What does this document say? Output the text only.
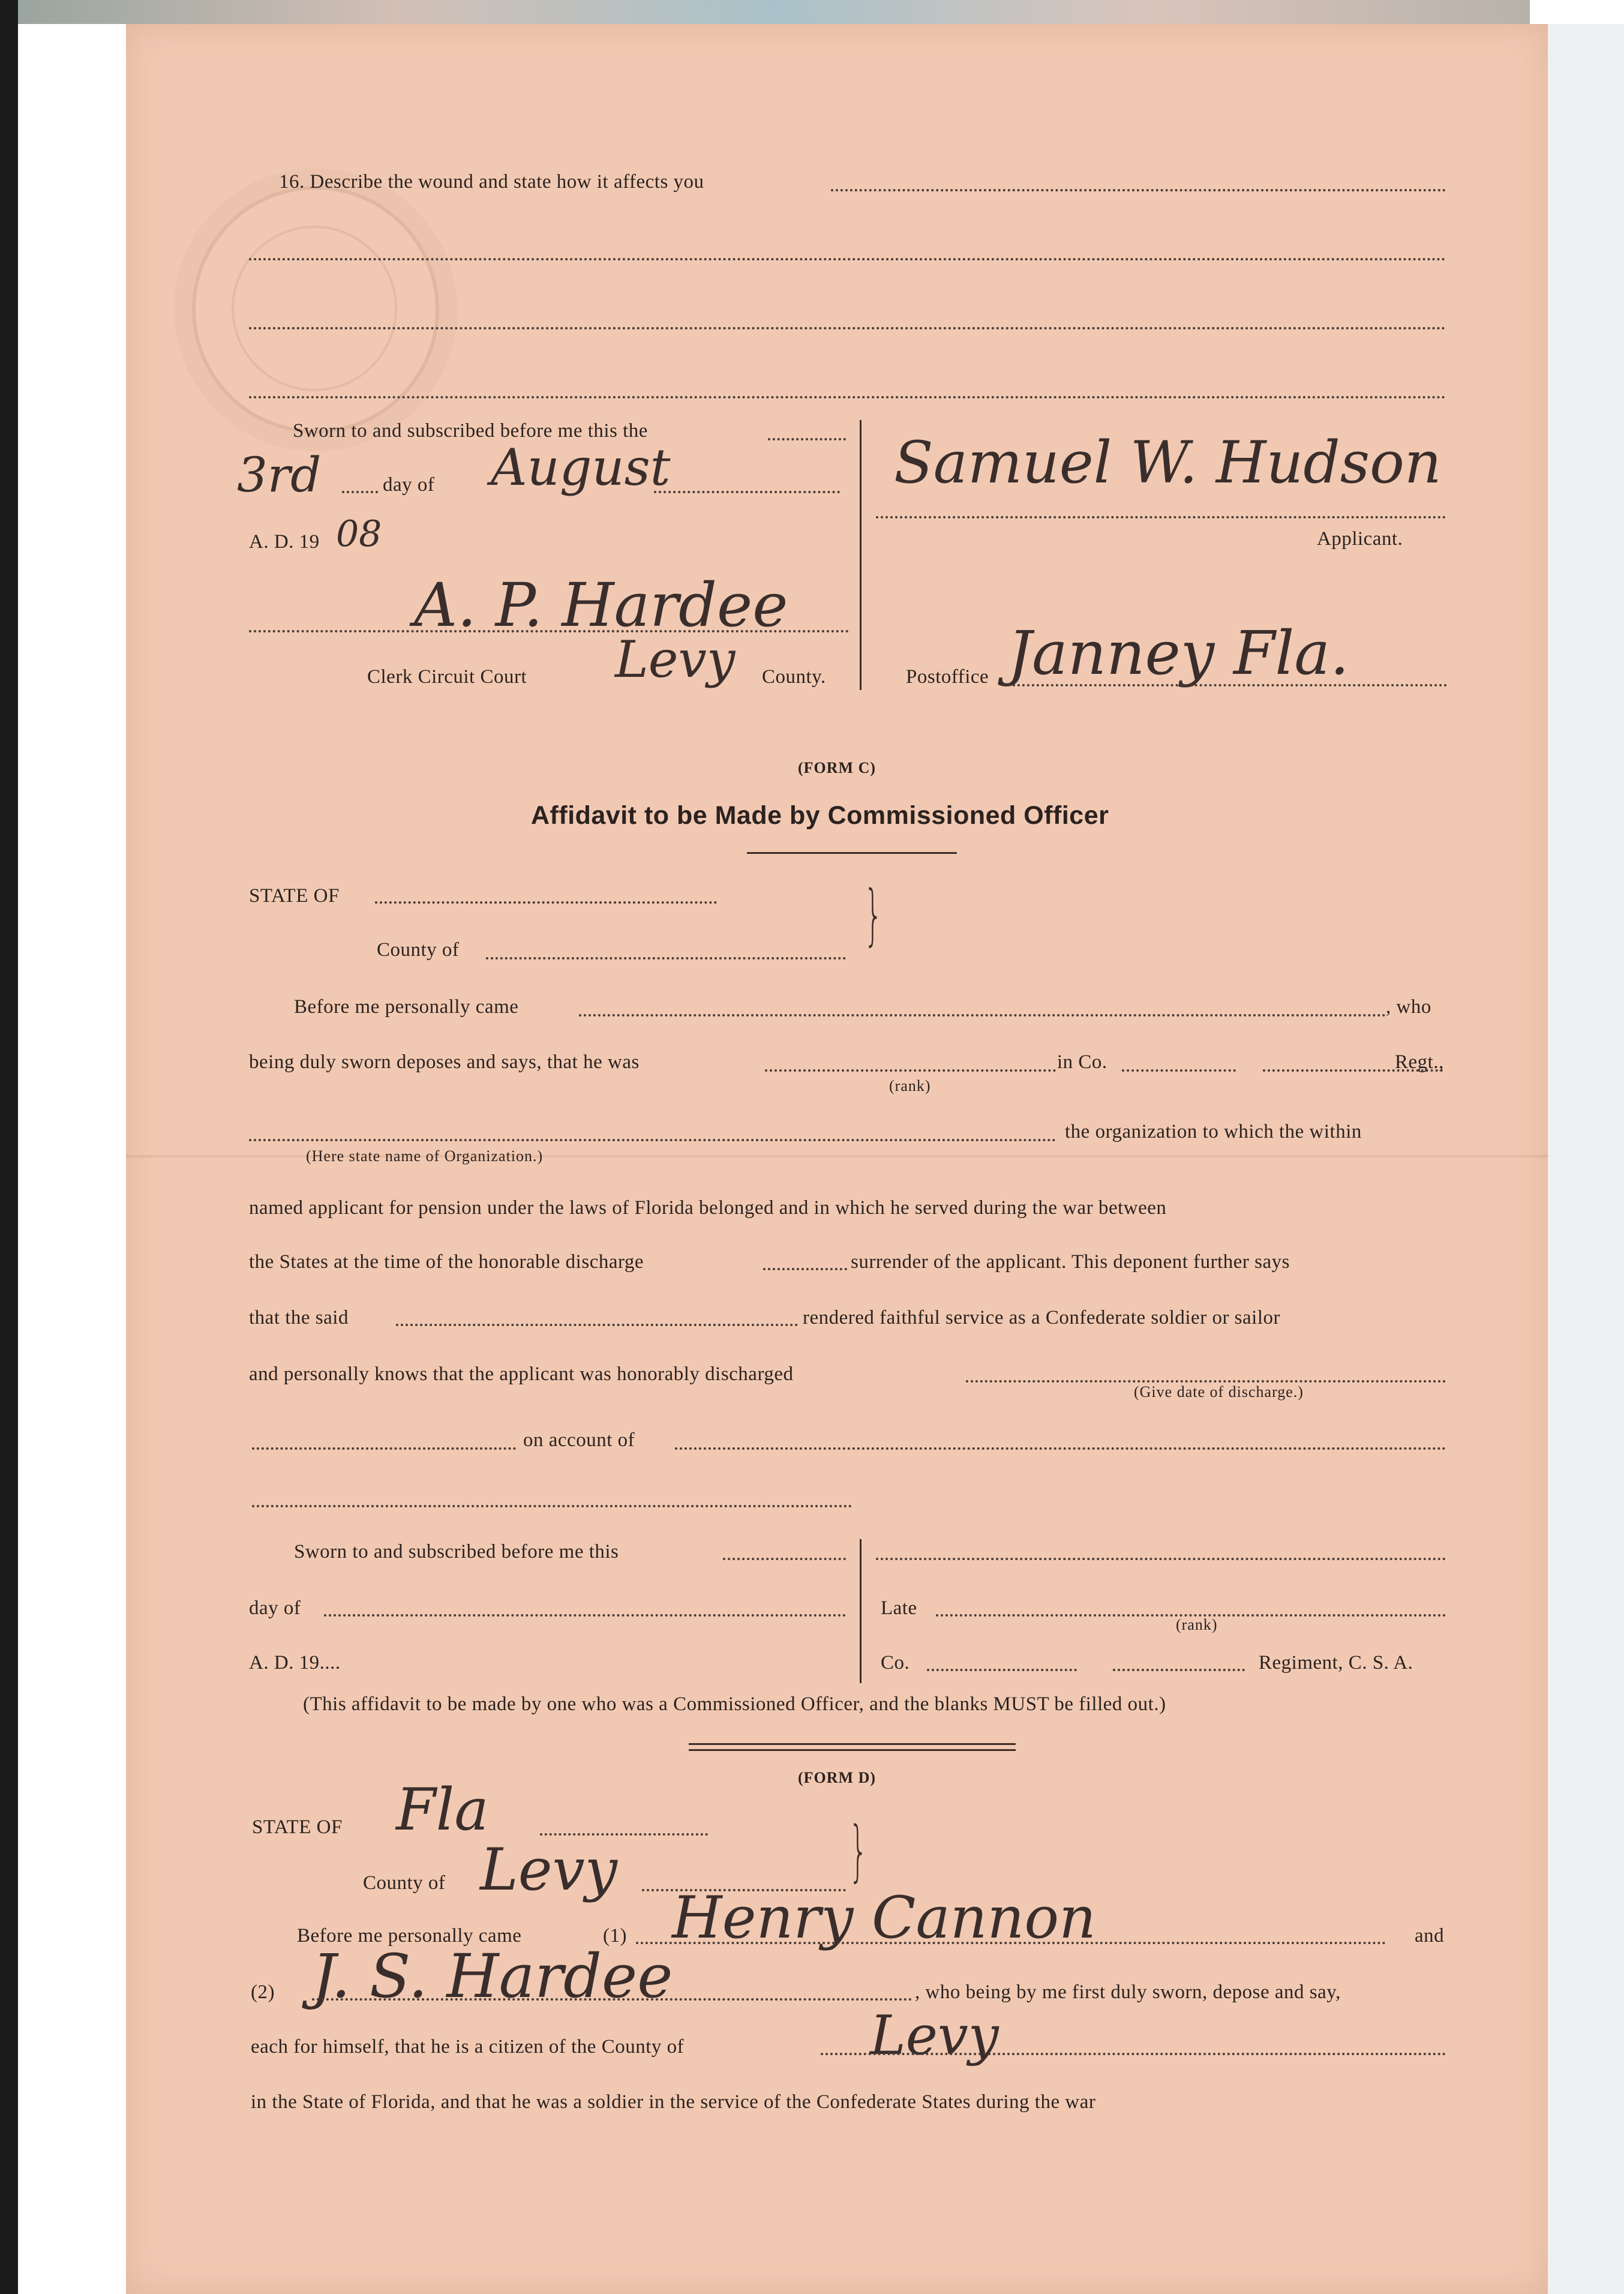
16. Describe the wound and state how it affects you
Sworn to and subscribed before me this the
3rd	day of August
A. D. 19 08
A. P. Hardee
Clerk Circuit Court Levy County.
Samuel W. Hudson
Applicant.
Postoffice Janney Fla.
(FORM C)
Affidavit to be Made by Commissioned Officer
STATE OF
County of	}
Before me personally came	, who
being duly sworn deposes and says, that he was	in Co.	Regt.,
(rank)
the organization to which the within
(Here state name of Organization.)
named applicant for pension under the laws of Florida belonged and in which he served during the war between
the States at the time of the honorable discharge	surrender of the applicant. This deponent further says
that the said	rendered faithful service as a Confederate soldier or sailor
and personally knows that the applicant was honorably discharged
(Give date of discharge.)
on account of
Sworn to and subscribed before me this
day of
A. D. 19....
Late
(rank)
Co.	Regiment, C. S. A.
(This affidavit to be made by one who was a Commissioned Officer, and the blanks MUST be filled out.)
(FORM D)
STATE OF Fla
County of Levy	}
Before me personally came	(1) Henry Cannon	and
(2) J. S. Hardee	, who being by me first duly sworn, depose and say,
each for himself, that he is a citizen of the County of	Levy
in the State of Florida, and that he was a soldier in the service of the Confederate States during the war
